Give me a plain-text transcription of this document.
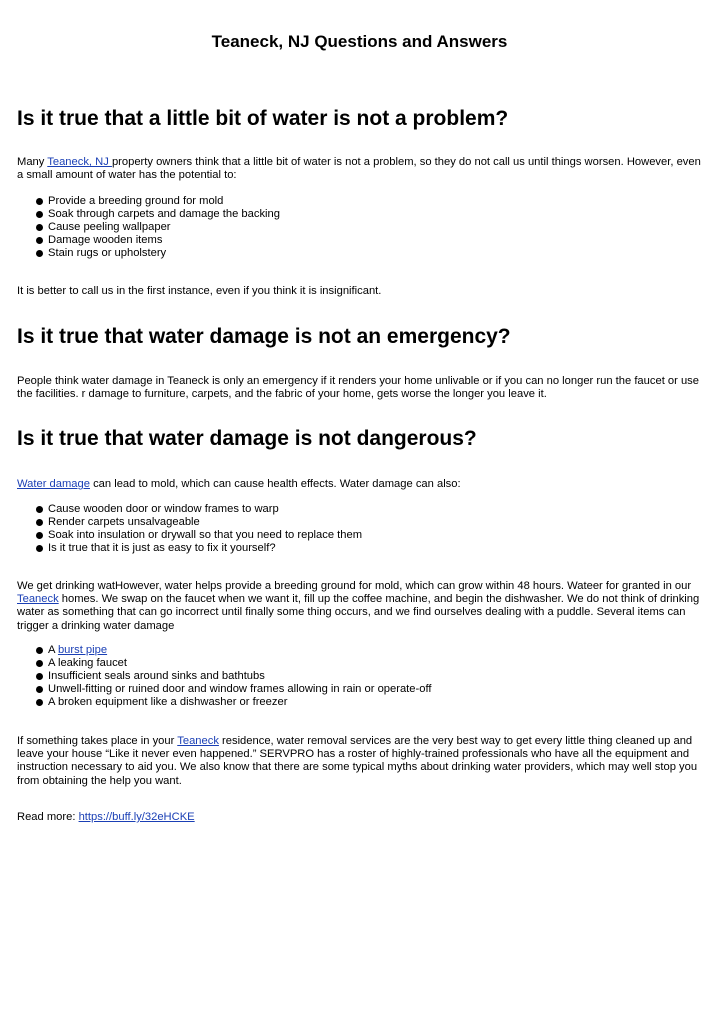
Teaneck, NJ Questions and Answers
Is it true that a little bit of water is not a problem?

Many Teaneck, NJ property owners think that a little bit of water is not a problem, so they do not call us until things worsen. However, even a small amount of water has the potential to:

Provide a breeding ground for mold
Soak through carpets and damage the backing
Cause peeling wallpaper
Damage wooden items
Stain rugs or upholstery

It is better to call us in the first instance, even if you think it is insignificant.

Is it true that water damage is not an emergency?

People think water damage in Teaneck is only an emergency if it renders your home unlivable or if you can no longer run the faucet or use the facilities. r damage to furniture, carpets, and the fabric of your home, gets worse the longer you leave it.

Is it true that water damage is not dangerous?

Water damage can lead to mold, which can cause health effects. Water damage can also:

Cause wooden door or window frames to warp
Render carpets unsalvageable
Soak into insulation or drywall so that you need to replace them
Is it true that it is just as easy to fix it yourself?

We get drinking watHowever, water helps provide a breeding ground for mold, which can grow within 48 hours. Wateer for granted in our Teaneck homes. We swap on the faucet when we want it, fill up the coffee machine, and begin the dishwasher. We do not think of drinking water as something that can go incorrect until finally some thing occurs, and we find ourselves dealing with a puddle. Several items can trigger a drinking water damage

A burst pipe
A leaking faucet
Insufficient seals around sinks and bathtubs
Unwell-fitting or ruined door and window frames allowing in rain or operate-off
A broken equipment like a dishwasher or freezer

If something takes place in your Teaneck residence, water removal services are the very best way to get every little thing cleaned up and leave your house “Like it never even happened.” SERVPRO has a roster of highly-trained professionals who have all the equipment and instruction necessary to aid you. We also know that there are some typical myths about drinking water providers, which may well stop you from obtaining the help you want.

Read more: https://buff.ly/32eHCKE
